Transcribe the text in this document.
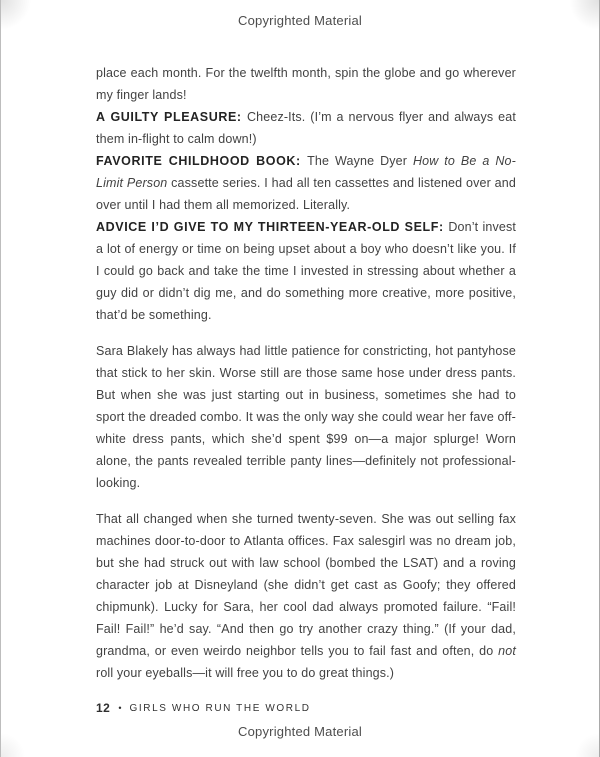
Copyrighted Material

place each month. For the twelfth month, spin the globe and go wherever my finger lands!

A GUILTY PLEASURE: Cheez-Its. (I’m a nervous flyer and always eat them in-flight to calm down!)

FAVORITE CHILDHOOD BOOK: The Wayne Dyer How to Be a No-Limit Person cassette series. I had all ten cassettes and listened over and over until I had them all memorized. Literally.

ADVICE I’D GIVE TO MY THIRTEEN-YEAR-OLD SELF: Don’t invest a lot of energy or time on being upset about a boy who doesn’t like you. If I could go back and take the time I invested in stressing about whether a guy did or didn’t dig me, and do something more creative, more positive, that’d be something.

Sara Blakely has always had little patience for constricting, hot pantyhose that stick to her skin. Worse still are those same hose under dress pants. But when she was just starting out in business, sometimes she had to sport the dreaded combo. It was the only way she could wear her fave off-white dress pants, which she’d spent $99 on—a major splurge! Worn alone, the pants revealed terrible panty lines—definitely not professional-looking.

That all changed when she turned twenty-seven. She was out selling fax machines door-to-door to Atlanta offices. Fax salesgirl was no dream job, but she had struck out with law school (bombed the LSAT) and a roving character job at Disneyland (she didn’t get cast as Goofy; they offered chipmunk). Lucky for Sara, her cool dad always promoted failure. “Fail! Fail! Fail!” he’d say. “And then go try another crazy thing.” (If your dad, grandma, or even weirdo neighbor tells you to fail fast and often, do not roll your eyeballs—it will free you to do great things.)

12 • GIRLS WHO RUN THE WORLD
Copyrighted Material
